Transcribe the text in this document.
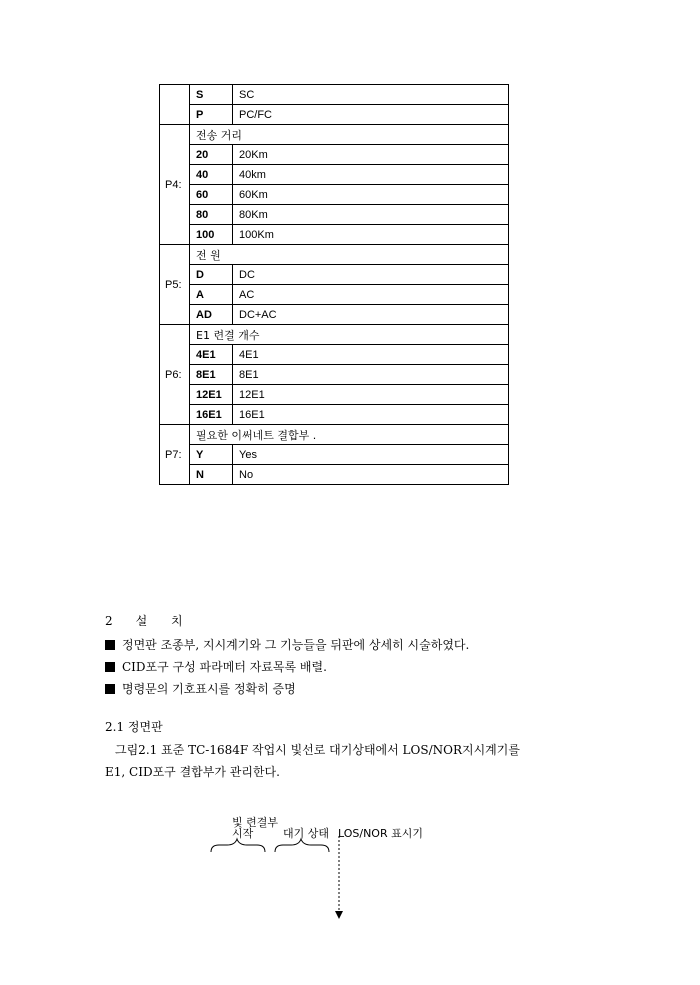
	S	SC
	P	PC/FC
P4:	전송 거리	
	20	20Km
	40	40km
	60	60Km
	80	80Km
	100	100Km
P5:	전 원	
	D	DC
	A	AC
	AD	DC+AC
P6:	E1 련결 개수	
	4E1	4E1
	8E1	8E1
	12E1	12E1
	16E1	16E1
P7:	필요한 이써네트 결합부 .	
	Y	Yes
	N	No
2 설 치
정면판 조종부, 지시계기와 그 기능들을 뒤판에 상세히 시술하였다.
CID포구 구성 파라메터 자료목록 배렬.
명령문의 기호표시를 정확히 증명
2.1 정면판
그림2.1 표준 TC-1684F 작업시 빛선로 대기상태에서 LOS/NOR지시계기를
E1, CID포구 결합부가 관리한다.
빛 련결부
시작	대기 상태 LOS/NOR 표시기
